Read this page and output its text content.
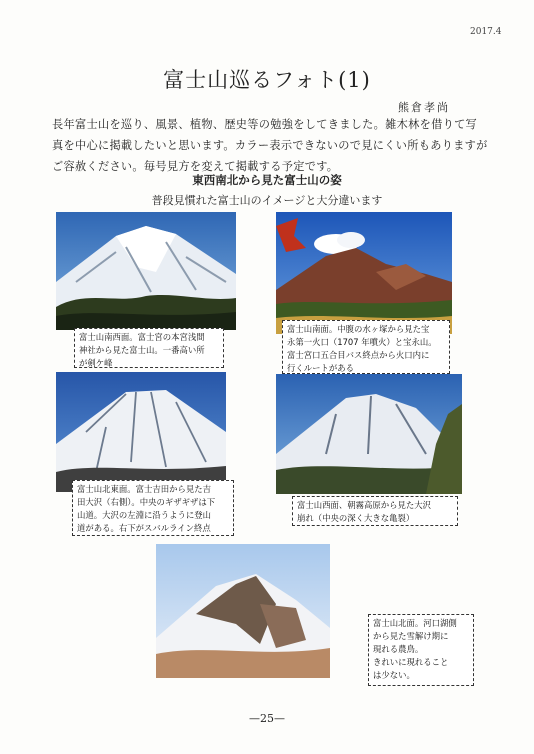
2017.4
富士山巡るフォト(1)
熊倉孝尚
長年富士山を巡り、風景、植物、歴史等の勉強をしてきました。雑木林を借りて写真を中心に掲載したいと思います。カラー表示できないので見にくい所もありますがご容赦ください。毎号見方を変えて掲載する予定です。
東西南北から見た富士山の姿
普段見慣れた富士山のイメージと大分違います
富士山南西面。富士宮の本宮浅間
神社から見た富士山。一番高い所
が剣ケ峰
富士山南面。中腹の水ヶ塚から見た宝
永第一火口（1707 年噴火）と宝永山。
富士宮口五合目バス終点から火口内に
行くルートがある
富士山北東面。富士吉田から見た吉
田大沢（右側）。中央のギザギザは下
山道。大沢の左淵に沿うように登山
道がある。右下がスバルライン終点
富士山西面、朝霧高原から見た大沢
崩れ（中央の深く大きな亀裂）
富士山北面。河口湖側
から見た雪解け期に
現れる農鳥。
きれいに現れること
は少ない。
—25—
